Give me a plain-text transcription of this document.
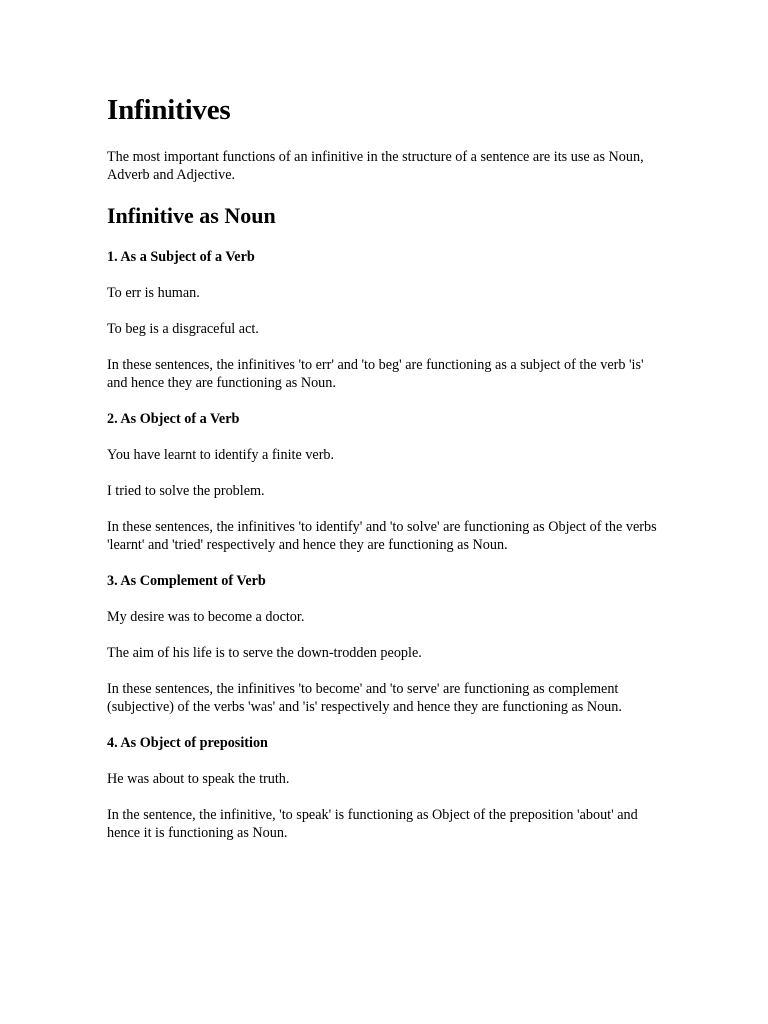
Infinitives

The most important functions of an infinitive in the structure of a sentence are its use as Noun, Adverb and Adjective.

Infinitive as Noun
1. As a Subject of a Verb

To err is human.

To beg is a disgraceful act.

In these sentences, the infinitives 'to err' and 'to beg' are functioning as a subject of the verb 'is' and hence they are functioning as Noun.

2. As Object of a Verb

You have learnt to identify a finite verb.

I tried to solve the problem.

In these sentences, the infinitives 'to identify' and 'to solve' are functioning as Object of the verbs 'learnt' and 'tried' respectively and hence they are functioning as Noun.

3. As Complement of Verb

My desire was to become a doctor.

The aim of his life is to serve the down-trodden people.

In these sentences, the infinitives 'to become' and 'to serve' are functioning as complement (subjective) of the verbs 'was' and 'is' respectively and hence they are functioning as Noun.

4. As Object of preposition

He was about to speak the truth.

In the sentence, the infinitive, 'to speak' is functioning as Object of the preposition 'about' and hence it is functioning as Noun.
